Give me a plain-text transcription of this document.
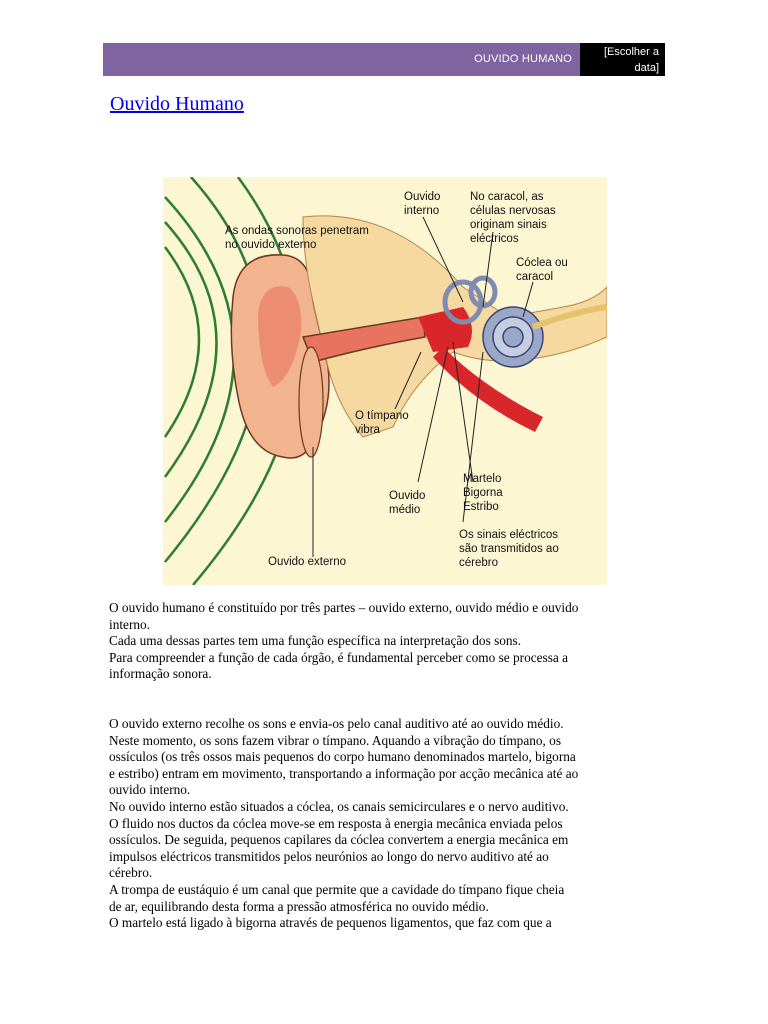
OUVIDO HUMANO
[Escolher a
data]
Ouvido Humano
As ondas sonoras penetram
no ouvido externo
Ouvido
interno
No caracol, as
células nervosas
originam sinais
eléctricos
Cóclea ou
caracol
O tímpano
vibra
Martelo
Bigorna
Estribo
Ouvido
médio
Os sinais eléctricos
são transmitidos ao
cérebro
Ouvido externo

O ouvido humano é constituído por três partes – ouvido externo, ouvido médio e ouvido

interno.

Cada uma dessas partes tem uma função específica na interpretação dos sons.

Para compreender a função de cada órgão, é fundamental perceber como se processa a

informação sonora.

O ouvido externo recolhe os sons e envia-os pelo canal auditivo até ao ouvido médio.

Neste momento, os sons fazem vibrar o tímpano. Aquando a vibração do tímpano, os

ossículos (os três ossos mais pequenos do corpo humano denominados martelo, bigorna

e estribo) entram em movimento, transportando a informação por acção mecânica até ao

ouvido interno.

No ouvido interno estão situados a cóclea, os canais semicirculares e o nervo auditivo.

O fluido nos ductos da cóclea move-se em resposta à energia mecânica enviada pelos

ossículos. De seguida, pequenos capilares da cóclea convertem a energia mecânica em

impulsos eléctricos transmitidos pelos neurónios ao longo do nervo auditivo até ao

cérebro.

A trompa de eustáquio é um canal que permite que a cavidade do tímpano fique cheia

de ar, equilibrando desta forma a pressão atmosférica no ouvido médio.

O martelo está ligado à bigorna através de pequenos ligamentos, que faz com que a
